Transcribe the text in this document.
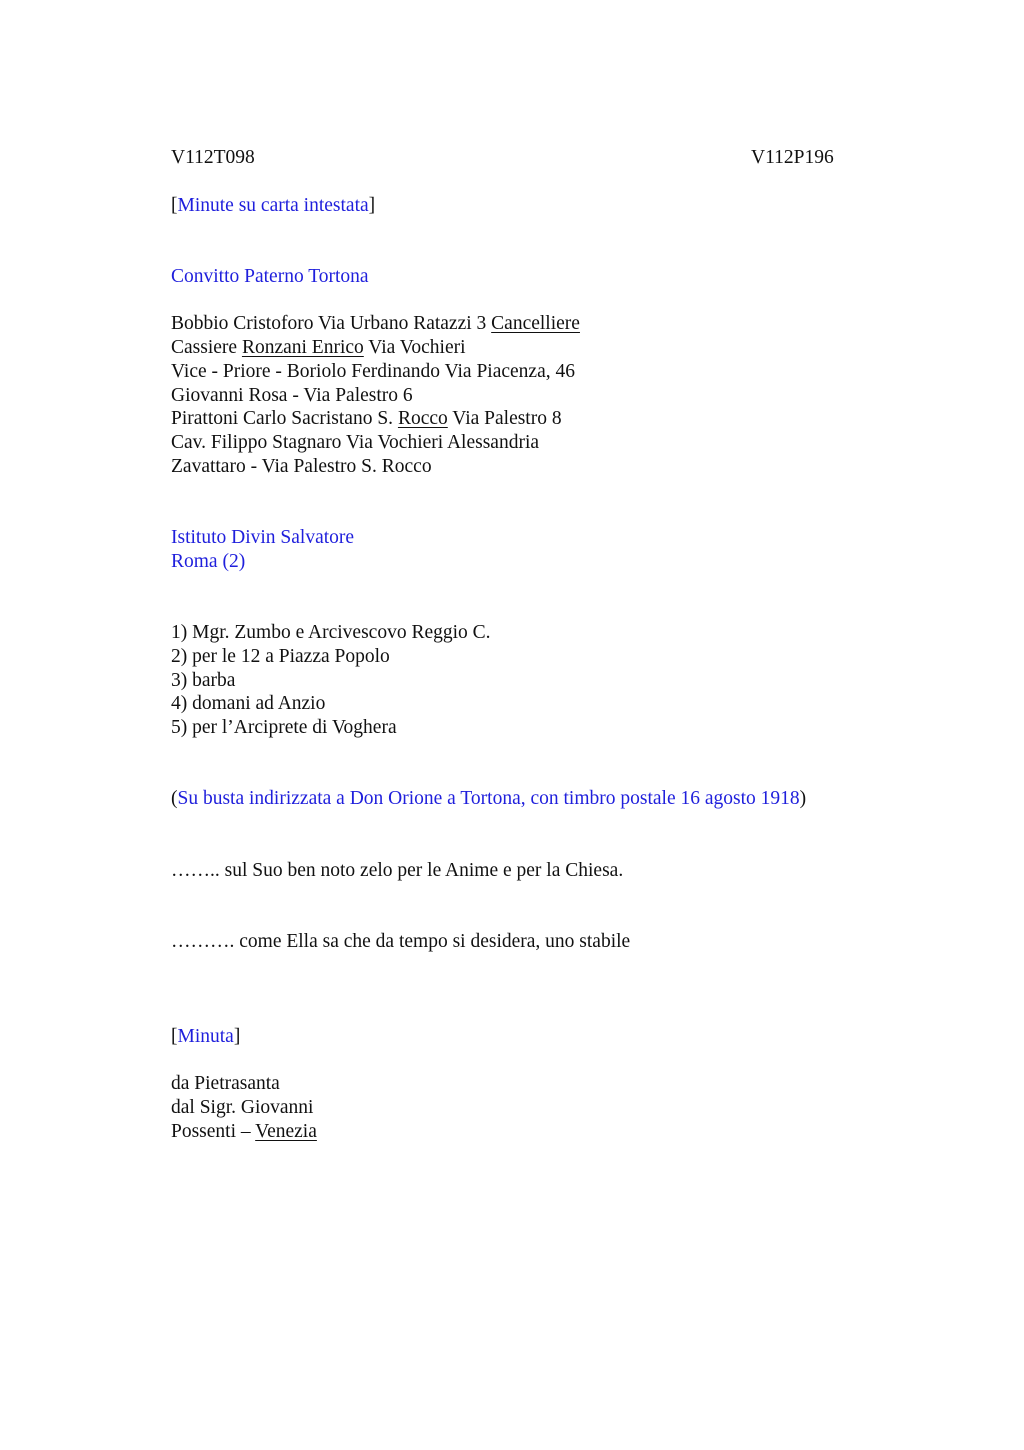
V112T098	V112P196
[Minute su carta intestata]
Convitto Paterno Tortona
Bobbio Cristoforo Via Urbano Ratazzi 3 Cancelliere
Cassiere Ronzani Enrico Via Vochieri
Vice - Priore - Boriolo Ferdinando Via Piacenza, 46
Giovanni Rosa - Via Palestro 6
Pirattoni Carlo Sacristano S. Rocco Via Palestro 8
Cav. Filippo Stagnaro Via Vochieri Alessandria
Zavattaro - Via Palestro S. Rocco
Istituto Divin Salvatore
Roma (2)
1) Mgr. Zumbo e Arcivescovo Reggio C.
2) per le 12 a Piazza Popolo
3) barba
4) domani ad Anzio
5) per l’Arciprete di Voghera
(Su busta indirizzata a Don Orione a Tortona, con timbro postale 16 agosto 1918)
…….. sul Suo ben noto zelo per le Anime e per la Chiesa.
………. come Ella sa che da tempo si desidera, uno stabile
[Minuta]
da Pietrasanta
dal Sigr. Giovanni
Possenti – Venezia
